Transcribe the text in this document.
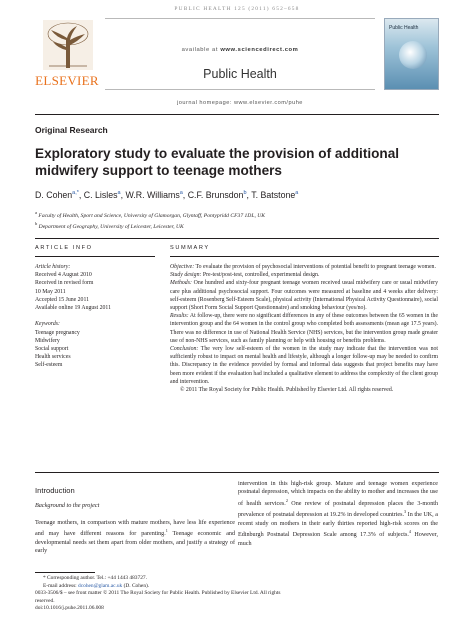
PUBLIC HEALTH 125 (2011) 652–658
ELSEVIER
available at www.sciencedirect.com
Public Health
Public Health
journal homepage: www.elsevier.com/puhe
Original Research
Exploratory study to evaluate the provision of additional midwifery support to teenage mothers
D. Cohen$^{a,*}$, C. Lisles$^a$, W.R. Williams$^a$, C.F. Brunsdon$^b$, T. Batstone$^a$
$^a$ Faculty of Health, Sport and Science, University of Glamorgan, Glyntaff, Pontypridd CF37 1DL, UK
$^b$ Department of Geography, University of Leicester, Leicester, UK
ARTICLE INFO	SUMMARY
Article history:
Received 4 August 2010
Received in revised form
10 May 2011
Accepted 15 June 2011
Available online 19 August 2011
Keywords:
Teenage pregnancy
Midwifery
Social support
Health services
Self-esteem

Objective: To evaluate the provision of psychosocial interventions of potential benefit to pregnant teenage women.

Study design: Pre-test/post-test, controlled, experimental design.

Methods: One hundred and sixty-four pregnant teenage women received usual midwifery care or usual midwifery care plus additional psychosocial support. Four outcomes were measured at baseline and 4 weeks after delivery: self-esteem (Rosenberg Self-Esteem Scale), physical activity (International Physical Activity Questionnaire), social support (Short Form Social Support Questionnaire) and smoking behaviour (yes/no).

Results: At follow-up, there were no significant differences in any of these outcomes between the 65 women in the intervention group and the 64 women in the control group who completed both assessments (mean age 17.5 years). There was no difference in use of National Health Service (NHS) services, but the intervention group made greater use of non-NHS services, such as family planning or help with housing or benefits problems.

Conclusion: The very low self-esteem of the women in the study may indicate that the intervention was not sufficiently robust to impact on mental health and lifestyle, although a longer follow-up may be needed to confirm this. Discrepancy in the evidence provided by formal and informal data suggests that project benefits may have been more evident if the evaluation had included a qualitative element to address the complexity of the client group and intervention.

© 2011 The Royal Society for Public Health. Published by Elsevier Ltd. All rights reserved.

Introduction
Background to the project

Teenage mothers, in comparison with mature mothers, have less life experience and may have different reasons for parenting.$^1$ Teenage economic and developmental needs set them apart from older mothers, and justify a strategy of early

intervention in this high-risk group. Mature and teenage women experience postnatal depression, which impacts on the ability to mother and increases the use of health services.$^2$ One review of postnatal depression places the 3-month prevalence of postnatal depression at 19.2% in developed countries.$^3$ In the UK, a recent study on mothers in their early thirties reported high-risk scores on the Edinburgh Postnatal Depression Scale among 17.3% of subjects.$^4$ However, much

* Corresponding author. Tel.: +44 1443 483727.
E-mail address: dcohen@glam.ac.uk (D. Cohen).
0033-3506/$ – see front matter © 2011 The Royal Society for Public Health. Published by Elsevier Ltd. All rights reserved.
doi:10.1016/j.puhe.2011.06.008
